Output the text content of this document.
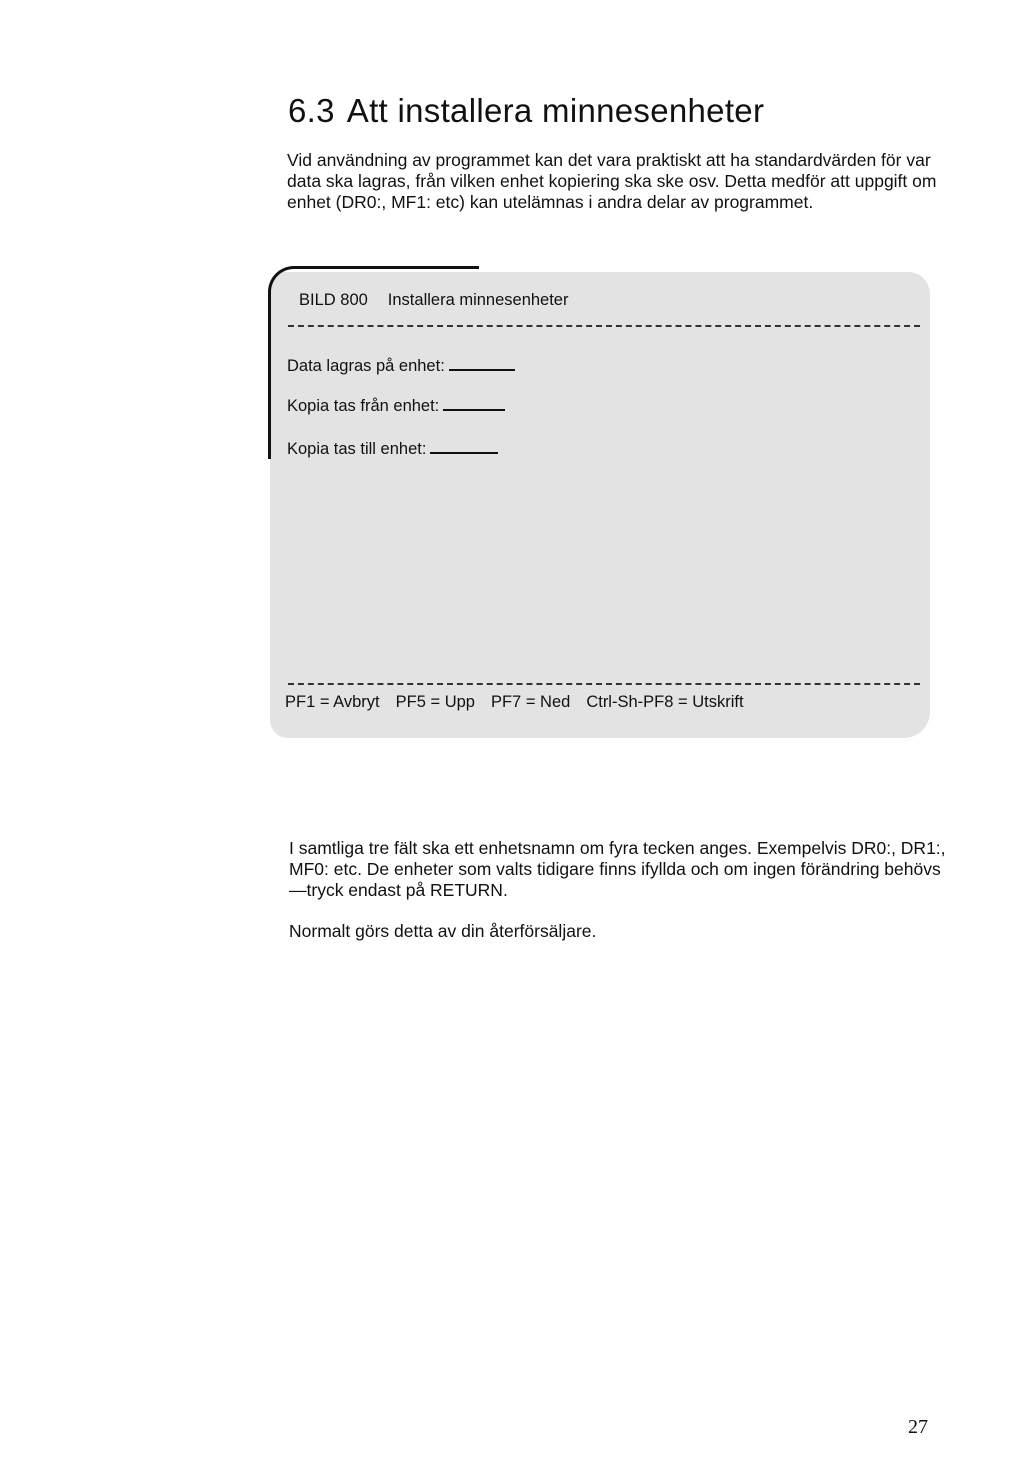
6.3 Att installera minnesenheter

Vid användning av programmet kan det vara praktiskt att ha standardvärden för var data ska lagras, från vilken enhet kopiering ska ske osv. Detta medför att uppgift om enhet (DR0:, MF1: etc) kan utelämnas i andra delar av programmet.

BILD 800 Installera minnesenheter
Data lagras på enhet:
Kopia tas från enhet:
Kopia tas till enhet:
PF1 = Avbryt PF5 = Upp PF7 = Ned Ctrl-Sh-PF8 = Utskrift

I samtliga tre fält ska ett enhetsnamn om fyra tecken anges. Exempelvis DR0:, DR1:, MF0: etc. De enheter som valts tidigare finns ifyllda och om ingen förändring behövs—tryck endast på RETURN.

Normalt görs detta av din återförsäljare.

27
